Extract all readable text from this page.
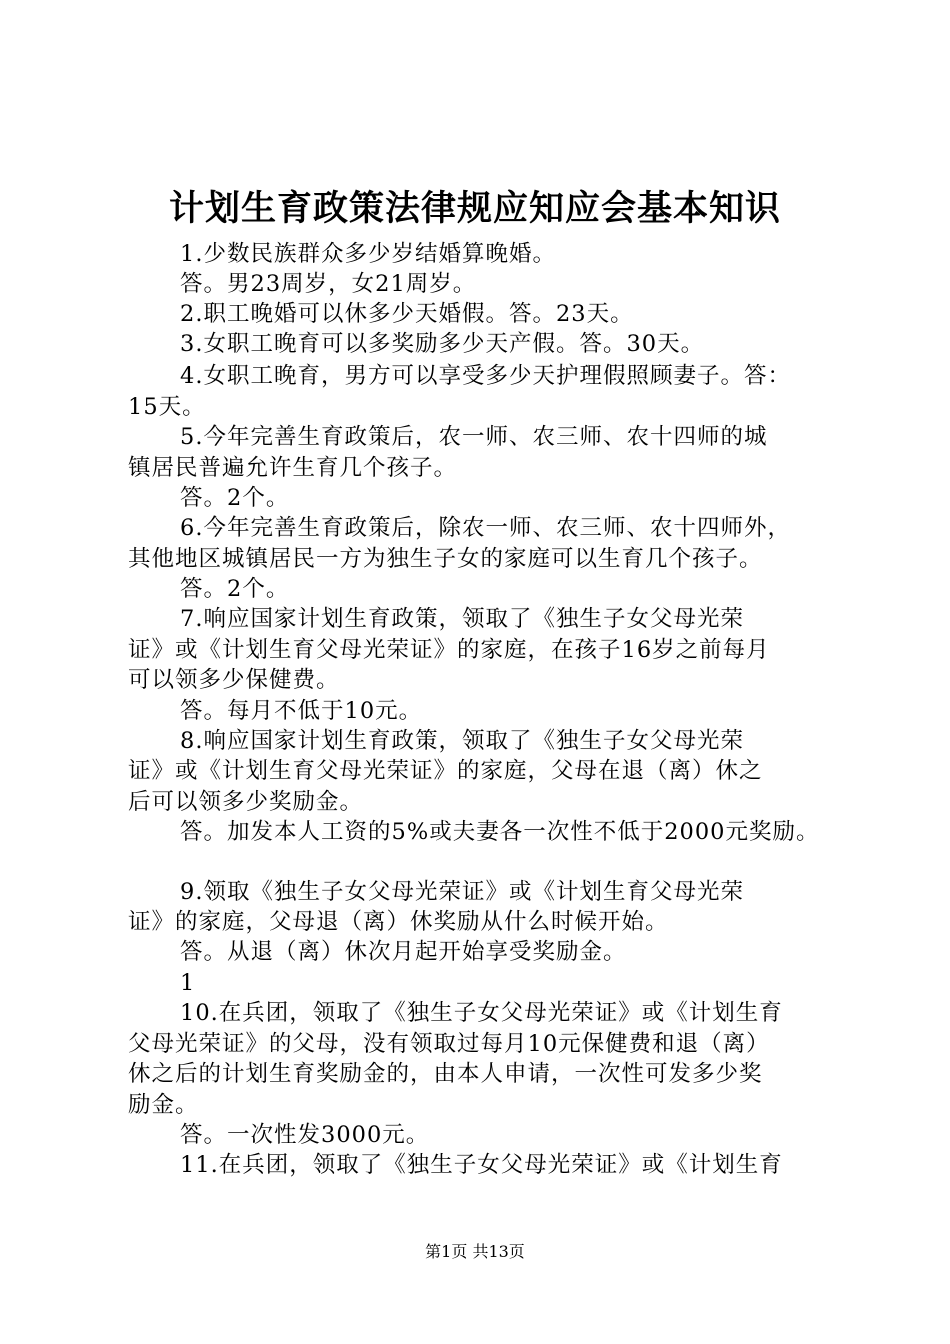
计划生育政策法律规应知应会基本知识
1.少数民族群众多少岁结婚算晚婚。
答。男23周岁，女21周岁。
2.职工晚婚可以休多少天婚假。答。23天。
3.女职工晚育可以多奖励多少天产假。答。30天。
4.女职工晚育，男方可以享受多少天护理假照顾妻子。答：
15天。
5.今年完善生育政策后，农一师、农三师、农十四师的城
镇居民普遍允许生育几个孩子。
答。2个。
6.今年完善生育政策后，除农一师、农三师、农十四师外，
其他地区城镇居民一方为独生子女的家庭可以生育几个孩子。
答。2个。
7.响应国家计划生育政策，领取了《独生子女父母光荣
证》或《计划生育父母光荣证》的家庭，在孩子16岁之前每月
可以领多少保健费。
答。每月不低于10元。
8.响应国家计划生育政策，领取了《独生子女父母光荣
证》或《计划生育父母光荣证》的家庭，父母在退（离）休之
后可以领多少奖励金。
答。加发本人工资的5%或夫妻各一次性不低于2000元奖励。
9.领取《独生子女父母光荣证》或《计划生育父母光荣
证》的家庭，父母退（离）休奖励从什么时候开始。
答。从退（离）休次月起开始享受奖励金。
1
10.在兵团，领取了《独生子女父母光荣证》或《计划生育
父母光荣证》的父母，没有领取过每月10元保健费和退（离）
休之后的计划生育奖励金的，由本人申请，一次性可发多少奖
励金。
答。一次性发3000元。
11.在兵团，领取了《独生子女父母光荣证》或《计划生育
第1页 共13页
